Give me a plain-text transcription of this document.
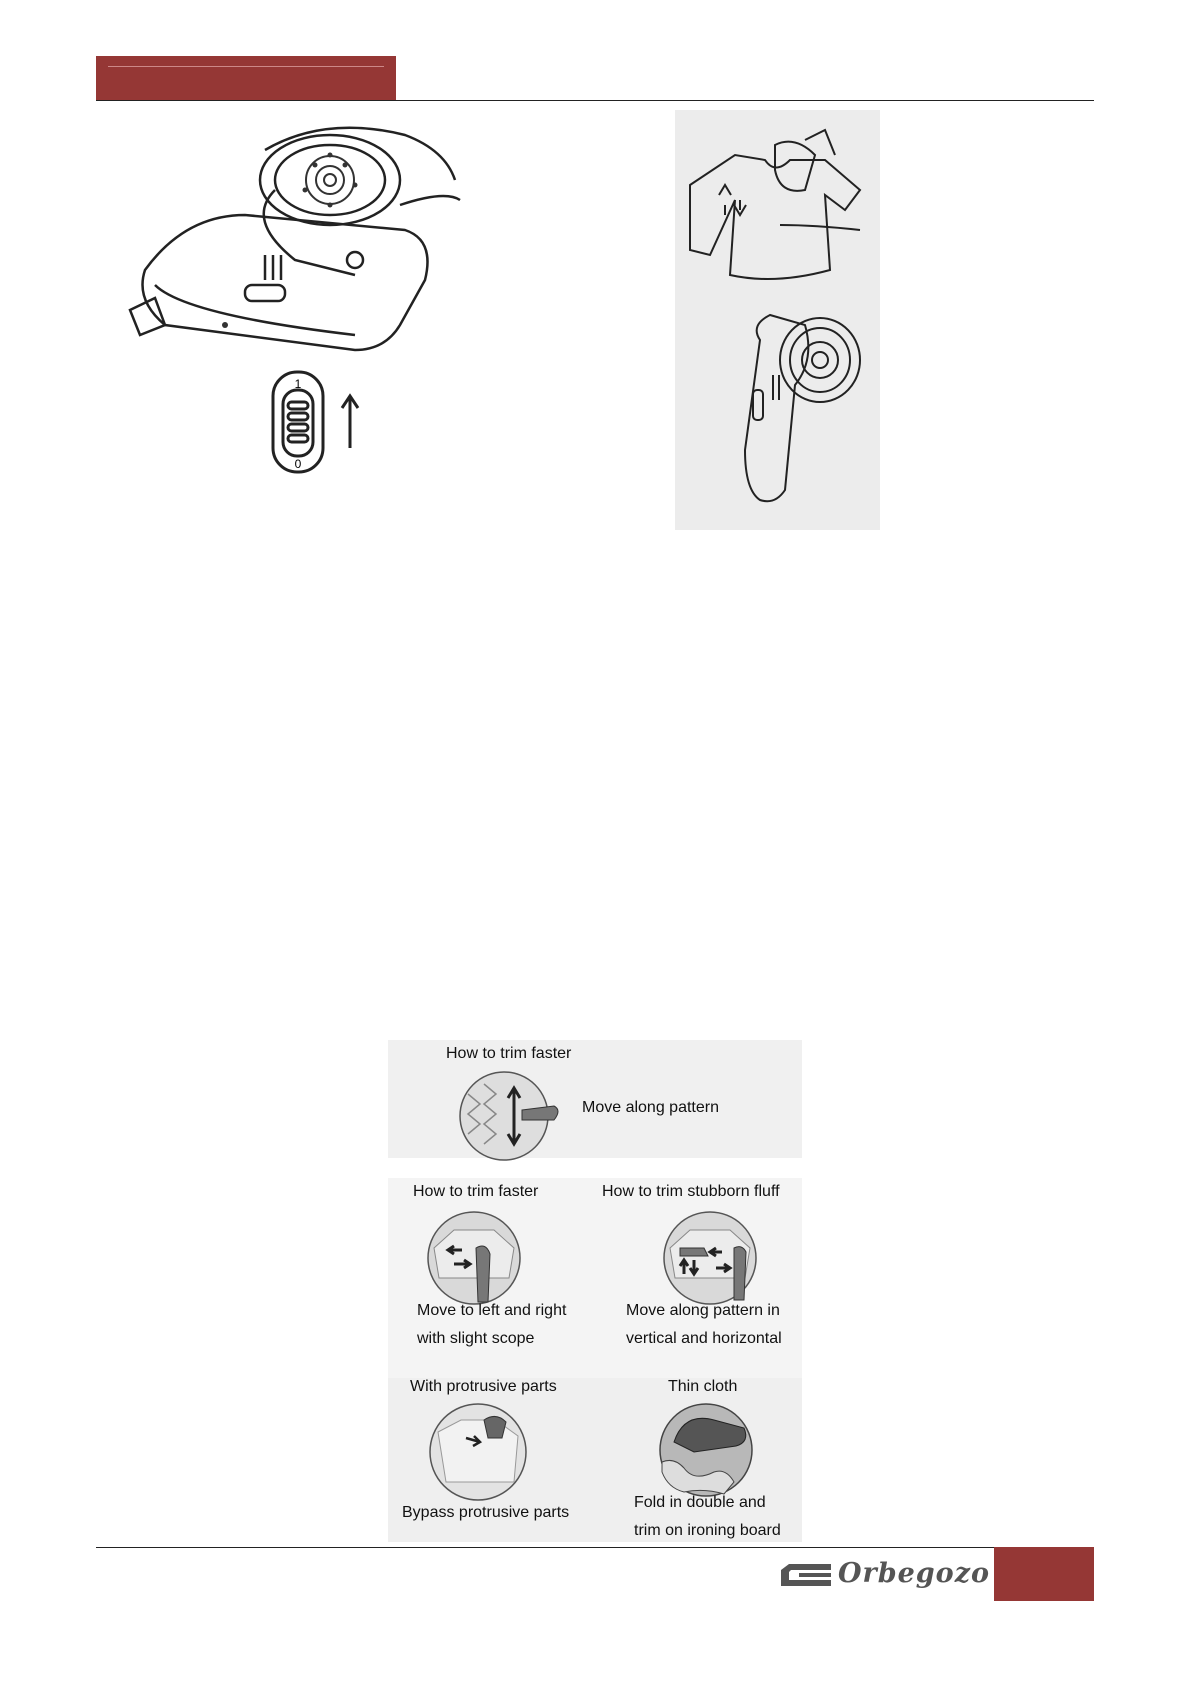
1
0
How to trim faster
Move along pattern
How to trim faster
Move to left and right
with slight scope
How to trim stubborn fluff
Move along pattern in
vertical and horizontal
With protrusive parts
Bypass protrusive parts
Thin cloth
Fold in double and
trim on ironing board
Orbegozo
